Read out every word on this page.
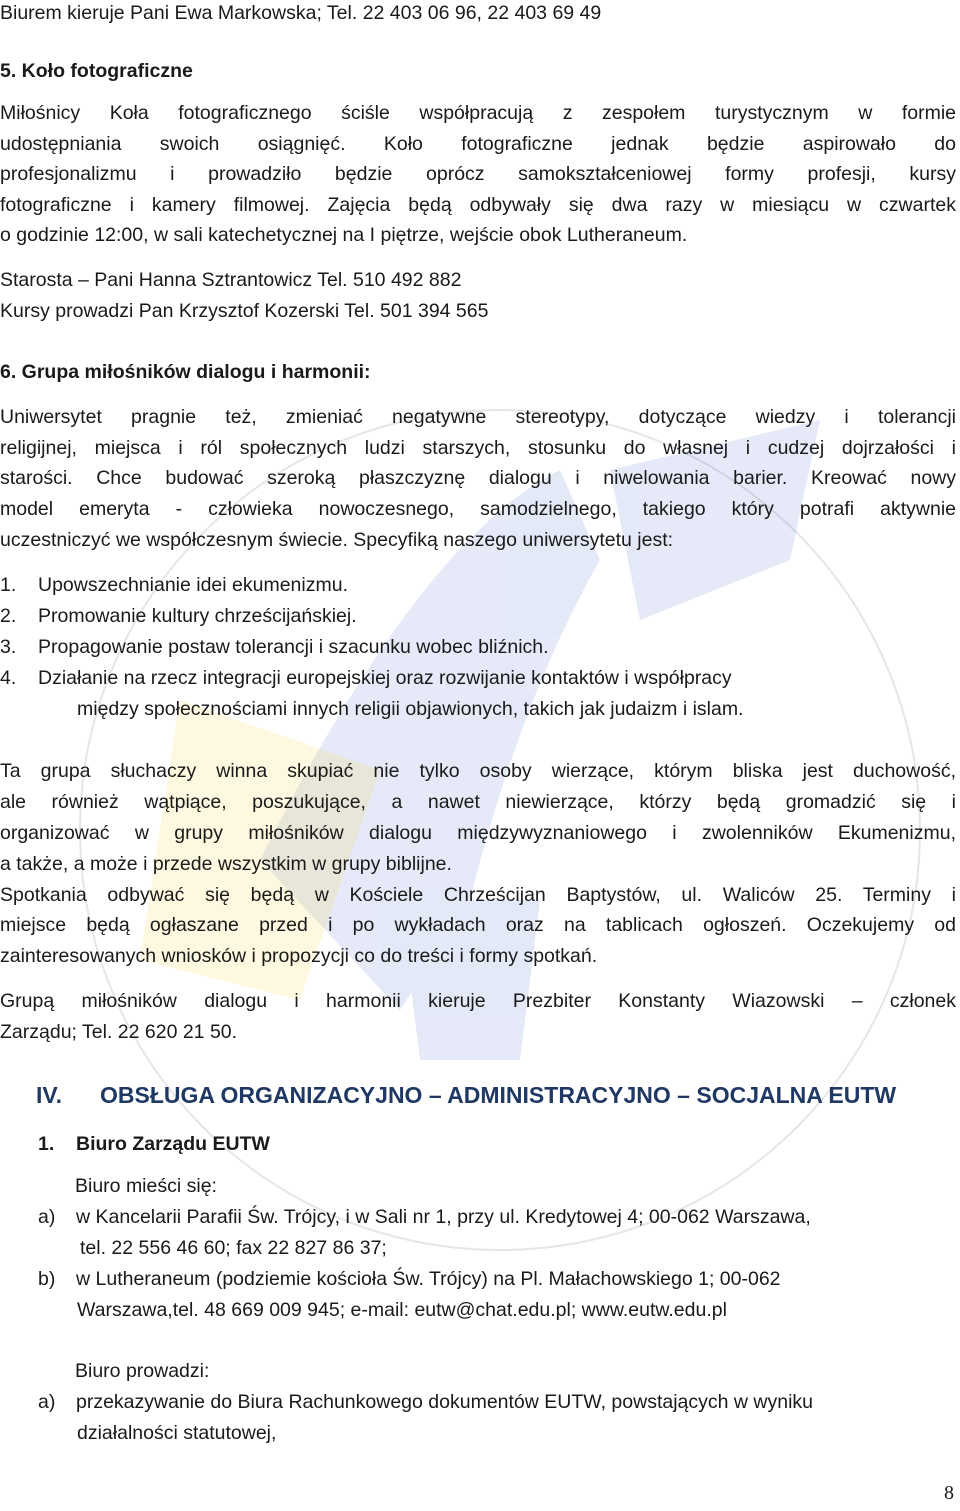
Biurem kieruje Pani Ewa Markowska; Tel. 22 403 06 96, 22 403 69 49
5. Koło fotograficzne
Miłośnicy Koła fotograficznego ściśle współpracują z zespołem turystycznym w formie
udostępniania swoich osiągnięć. Koło fotograficzne jednak będzie aspirowało do
profesjonalizmu i prowadziło będzie oprócz samokształceniowej formy profesji, kursy
fotograficzne i kamery filmowej. Zajęcia będą odbywały się dwa razy w miesiącu w czwartek
o godzinie 12:00, w sali katechetycznej na I piętrze, wejście obok Lutheraneum.
Starosta – Pani Hanna Sztrantowicz Tel. 510 492 882
Kursy prowadzi Pan Krzysztof Kozerski Tel. 501 394 565
6. Grupa miłośników dialogu i harmonii:
Uniwersytet pragnie też, zmieniać negatywne stereotypy, dotyczące wiedzy i tolerancji
religijnej, miejsca i ról społecznych ludzi starszych, stosunku do własnej i cudzej dojrzałości i
starości. Chce budować szeroką płaszczyznę dialogu i niwelowania barier. Kreować nowy
model emeryta - człowieka nowoczesnego, samodzielnego, takiego który potrafi aktywnie
uczestniczyć we współczesnym świecie. Specyfiką naszego uniwersytetu jest:
1. Upowszechnianie idei ekumenizmu.
2. Promowanie kultury chrześcijańskiej.
3. Propagowanie postaw tolerancji i szacunku wobec bliźnich.
4. Działanie na rzecz integracji europejskiej oraz rozwijanie kontaktów i współpracy
między społecznościami innych religii objawionych, takich jak judaizm i islam.
Ta grupa słuchaczy winna skupiać nie tylko osoby wierzące, którym bliska jest duchowość,
ale również wątpiące, poszukujące, a nawet niewierzące, którzy będą gromadzić się i
organizować w grupy miłośników dialogu międzywyznaniowego i zwolenników Ekumenizmu,
a także, a może i przede wszystkim w grupy biblijne.
Spotkania odbywać się będą w Kościele Chrześcijan Baptystów, ul. Waliców 25. Terminy i
miejsce będą ogłaszane przed i po wykładach oraz na tablicach ogłoszeń. Oczekujemy od
zainteresowanych wniosków i propozycji co do treści i formy spotkań.
Grupą miłośników dialogu i harmonii kieruje Prezbiter Konstanty Wiazowski – członek
Zarządu; Tel. 22 620 21 50.
IV. OBSŁUGA ORGANIZACYJNO – ADMINISTRACYJNO – SOCJALNA EUTW
1. Biuro Zarządu EUTW
Biuro mieści się:
a) w Kancelarii Parafii Św. Trójcy, i w Sali nr 1, przy ul. Kredytowej 4; 00-062 Warszawa,
tel. 22 556 46 60; fax 22 827 86 37;
b) w Lutheraneum (podziemie kościoła Św. Trójcy) na Pl. Małachowskiego 1; 00-062
Warszawa,tel. 48 669 009 945; e-mail: eutw@chat.edu.pl; www.eutw.edu.pl
Biuro prowadzi:
a) przekazywanie do Biura Rachunkowego dokumentów EUTW, powstających w wyniku
działalności statutowej,
8
